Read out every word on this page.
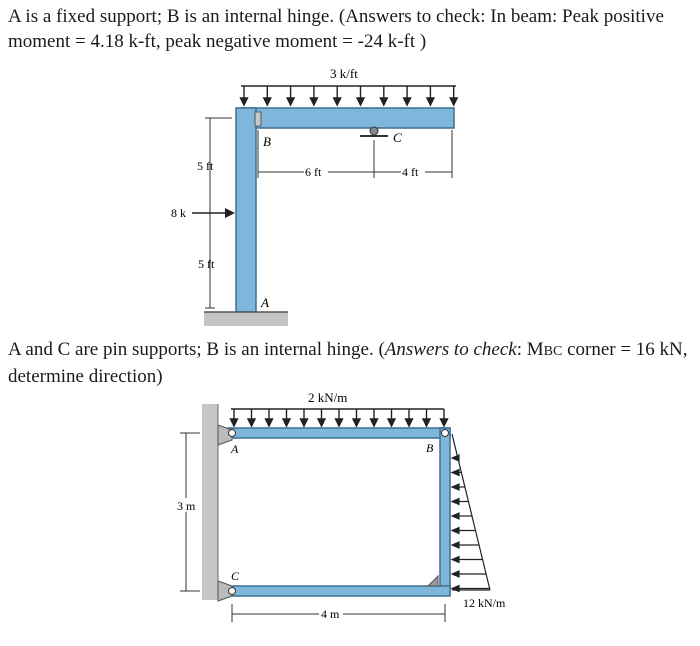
A is a fixed support; B is an internal hinge. (Answers to check: In beam: Peak positive
moment = 4.18 k-ft, peak negative moment = -24 k-ft )
3 k/ft
B	C
A
5 ft
5 ft
8 k
6 ft	4 ft
A and C are pin supports; B is an internal hinge. (Answers to check: MBC corner = 16 kN,
determine direction)
2 kN/m
A	B
C
3 m
4 m
12 kN/m
